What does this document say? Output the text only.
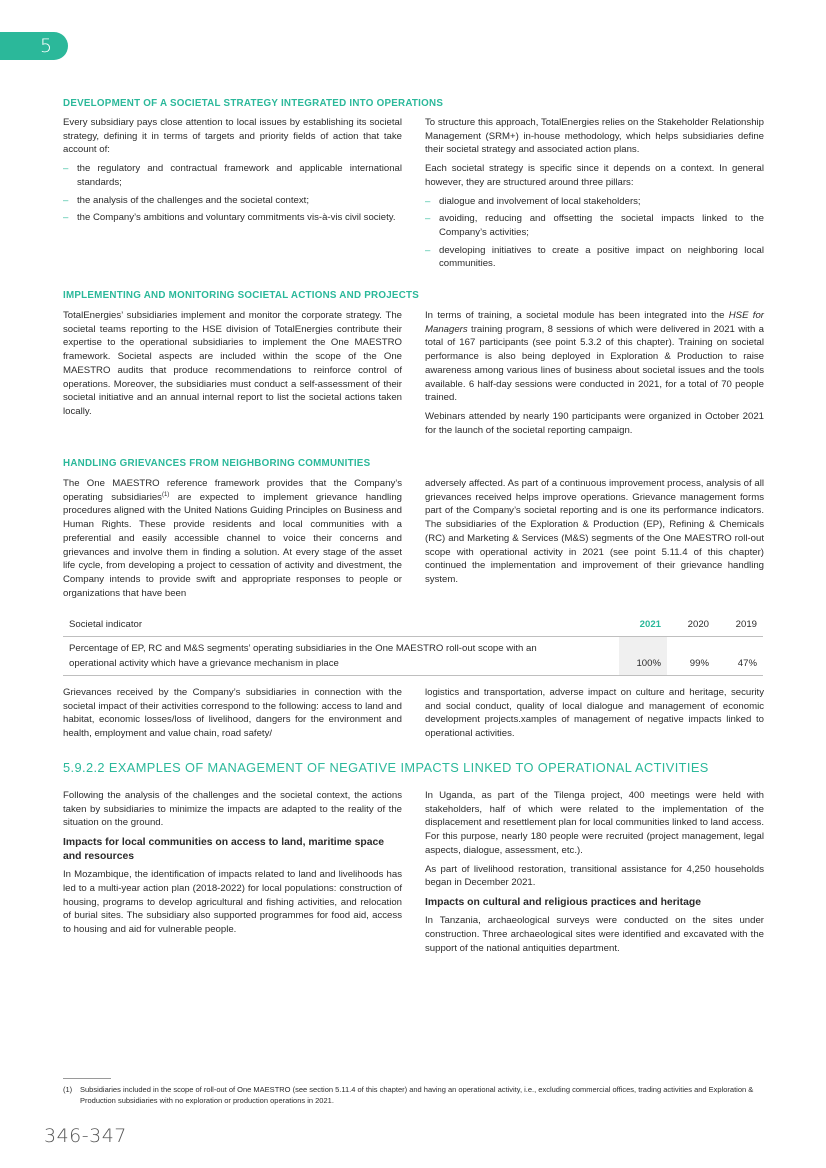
5
DEVELOPMENT OF A SOCIETAL STRATEGY INTEGRATED INTO OPERATIONS

Every subsidiary pays close attention to local issues by establishing its societal strategy, defining it in terms of targets and priority fields of action that take account of:

– the regulatory and contractual framework and applicable international standards;
– the analysis of the challenges and the societal context;
– the Company’s ambitions and voluntary commitments vis-à-vis civil society.

To structure this approach, TotalEnergies relies on the Stakeholder Relationship Management (SRM+) in-house methodology, which helps subsidiaries define their societal strategy and associated action plans.

Each societal strategy is specific since it depends on a context. In general however, they are structured around three pillars:

– dialogue and involvement of local stakeholders;
– avoiding, reducing and offsetting the societal impacts linked to the Company’s activities;
– developing initiatives to create a positive impact on neighboring local communities.
IMPLEMENTING AND MONITORING SOCIETAL ACTIONS AND PROJECTS

TotalEnergies’ subsidiaries implement and monitor the corporate strategy. The societal teams reporting to the HSE division of TotalEnergies contribute their expertise to the operational subsidiaries to implement the One MAESTRO framework. Societal aspects are included within the scope of the One MAESTRO audits that produce recommendations to reinforce control of operations. Moreover, the subsidiaries must conduct a self-assessment of their societal initiative and an annual internal report to list the societal actions taken locally.

In terms of training, a societal module has been integrated into the HSE for Managers training program, 8 sessions of which were delivered in 2021 with a total of 167 participants (see point 5.3.2 of this chapter). Training on societal performance is also being deployed in Exploration & Production to raise awareness among various lines of business about societal issues and the tools available. 6 half-day sessions were conducted in 2021, for a total of 70 people trained.

Webinars attended by nearly 190 participants were organized in October 2021 for the launch of the societal reporting campaign.

HANDLING GRIEVANCES FROM NEIGHBORING COMMUNITIES

The One MAESTRO reference framework provides that the Company’s operating subsidiaries$^{(1)}$ are expected to implement grievance handling procedures aligned with the United Nations Guiding Principles on Business and Human Rights. These provide residents and local communities with a preferential and easily accessible channel to voice their concerns and grievances and involve them in finding a solution. At every stage of the asset life cycle, from developing a project to cessation of activity and divestment, the Company intends to provide swift and appropriate responses to people or organizations that have been

adversely affected. As part of a continuous improvement process, analysis of all grievances received helps improve operations. Grievance management forms part of the Company’s societal reporting and is one its performance indicators. The subsidiaries of the Exploration & Production (EP), Refining & Chemicals (RC) and Marketing & Services (M&S) segments of the One MAESTRO roll-out scope with operational activity in 2021 (see point 5.11.4 of this chapter) continued the implementation and improvement of their grievance handling system.

Societal indicator	2021	2020	2019
Percentage of EP, RC and M&S segments’ operating subsidiaries in the One MAESTRO roll-out scope with an operational activity which have a grievance mechanism in place	100%	99%	47%

Grievances received by the Company’s subsidiaries in connection with the societal impact of their activities correspond to the following: access to land and habitat, economic losses/loss of livelihood, dangers for the environment and health, employment and value chain, road safety/

logistics and transportation, adverse impact on culture and heritage, security and social conduct, quality of local dialogue and management of economic development projects.xamples of management of negative impacts linked to operational activities.

5.9.2.2 EXAMPLES OF MANAGEMENT OF NEGATIVE IMPACTS LINKED TO OPERATIONAL ACTIVITIES

Following the analysis of the challenges and the societal context, the actions taken by subsidiaries to minimize the impacts are adapted to the reality of the situation on the ground.

Impacts for local communities on access to land, maritime space and resources

In Mozambique, the identification of impacts related to land and livelihoods has led to a multi-year action plan (2018-2022) for local populations: construction of housing, programs to develop agricultural and fishing activities, and relocation of burial sites. The subsidiary also supported programmes for food aid, access to housing and aid for vulnerable people.

In Uganda, as part of the Tilenga project, 400 meetings were held with stakeholders, half of which were related to the implementation of the displacement and resettlement plan for local communities linked to land access. For this purpose, nearly 180 people were recruited (project management, legal aspects, dialogue, assessment, etc.).

As part of livelihood restoration, transitional assistance for 4,250 households began in December 2021.

Impacts on cultural and religious practices and heritage

In Tanzania, archaeological surveys were conducted on the sites under construction. Three archaeological sites were identified and excavated with the support of the national antiquities department.

(1) Subsidiaries included in the scope of roll-out of One MAESTRO (see section 5.11.4 of this chapter) and having an operational activity, i.e., excluding commercial offices, trading activities and Exploration & Production subsidiaries with no exploration or production operations in 2021.
346-347
